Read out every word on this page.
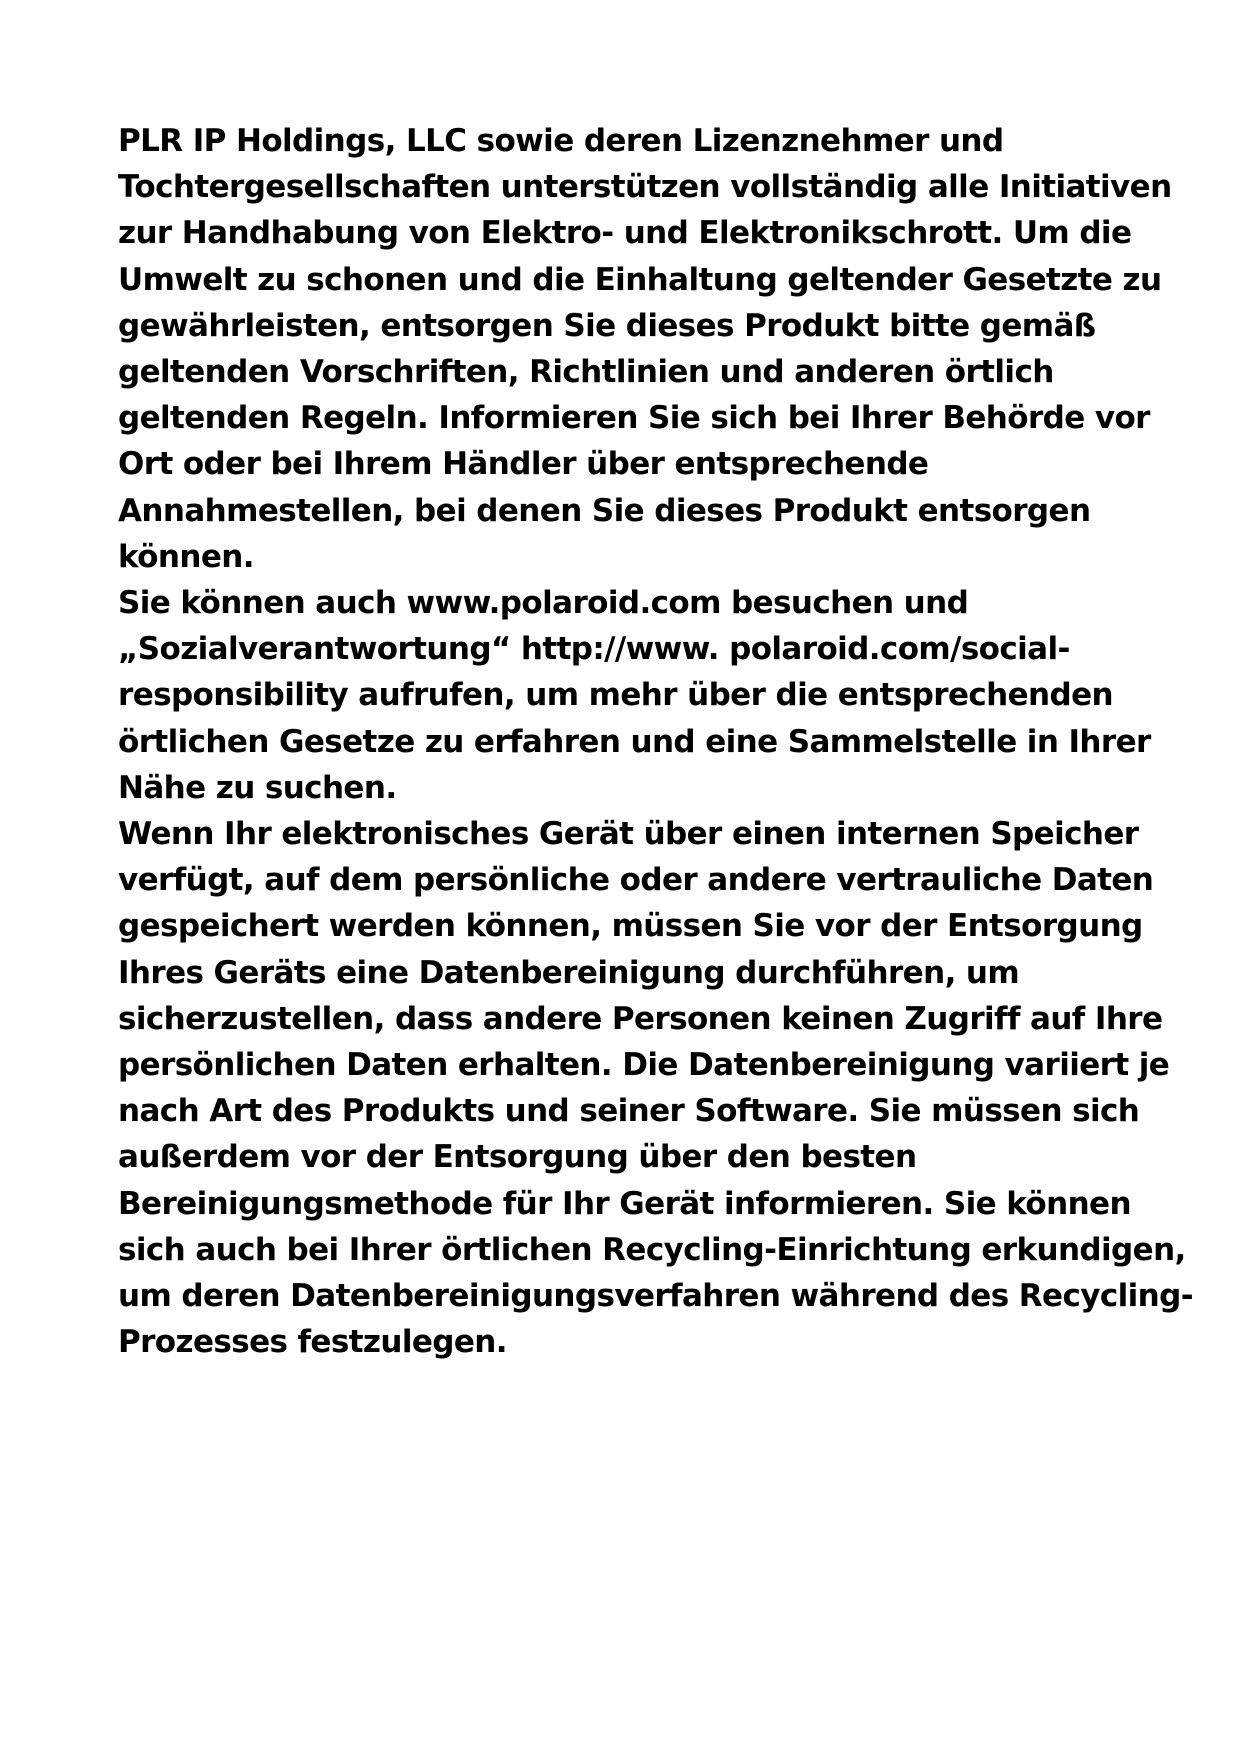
PLR IP Holdings, LLC sowie deren Lizenznehmer und
Tochtergesellschaften unterstützen vollständig alle Initiativen
zur Handhabung von Elektro- und Elektronikschrott. Um die
Umwelt zu schonen und die Einhaltung geltender Gesetzte zu
gewährleisten, entsorgen Sie dieses Produkt bitte gemäß
geltenden Vorschriften, Richtlinien und anderen örtlich
geltenden Regeln. Informieren Sie sich bei Ihrer Behörde vor
Ort oder bei Ihrem Händler über entsprechende
Annahmestellen, bei denen Sie dieses Produkt entsorgen
können.
Sie können auch www.polaroid.com besuchen und
„Sozialverantwortung“ http://www. polaroid.com/social-
responsibility aufrufen, um mehr über die entsprechenden
örtlichen Gesetze zu erfahren und eine Sammelstelle in Ihrer
Nähe zu suchen.
Wenn Ihr elektronisches Gerät über einen internen Speicher
verfügt, auf dem persönliche oder andere vertrauliche Daten
gespeichert werden können, müssen Sie vor der Entsorgung
Ihres Geräts eine Datenbereinigung durchführen, um
sicherzustellen, dass andere Personen keinen Zugriff auf Ihre
persönlichen Daten erhalten. Die Datenbereinigung variiert je
nach Art des Produkts und seiner Software. Sie müssen sich
außerdem vor der Entsorgung über den besten
Bereinigungsmethode für Ihr Gerät informieren. Sie können
sich auch bei Ihrer örtlichen Recycling-Einrichtung erkundigen,
um deren Datenbereinigungsverfahren während des Recycling-
Prozesses festzulegen.
